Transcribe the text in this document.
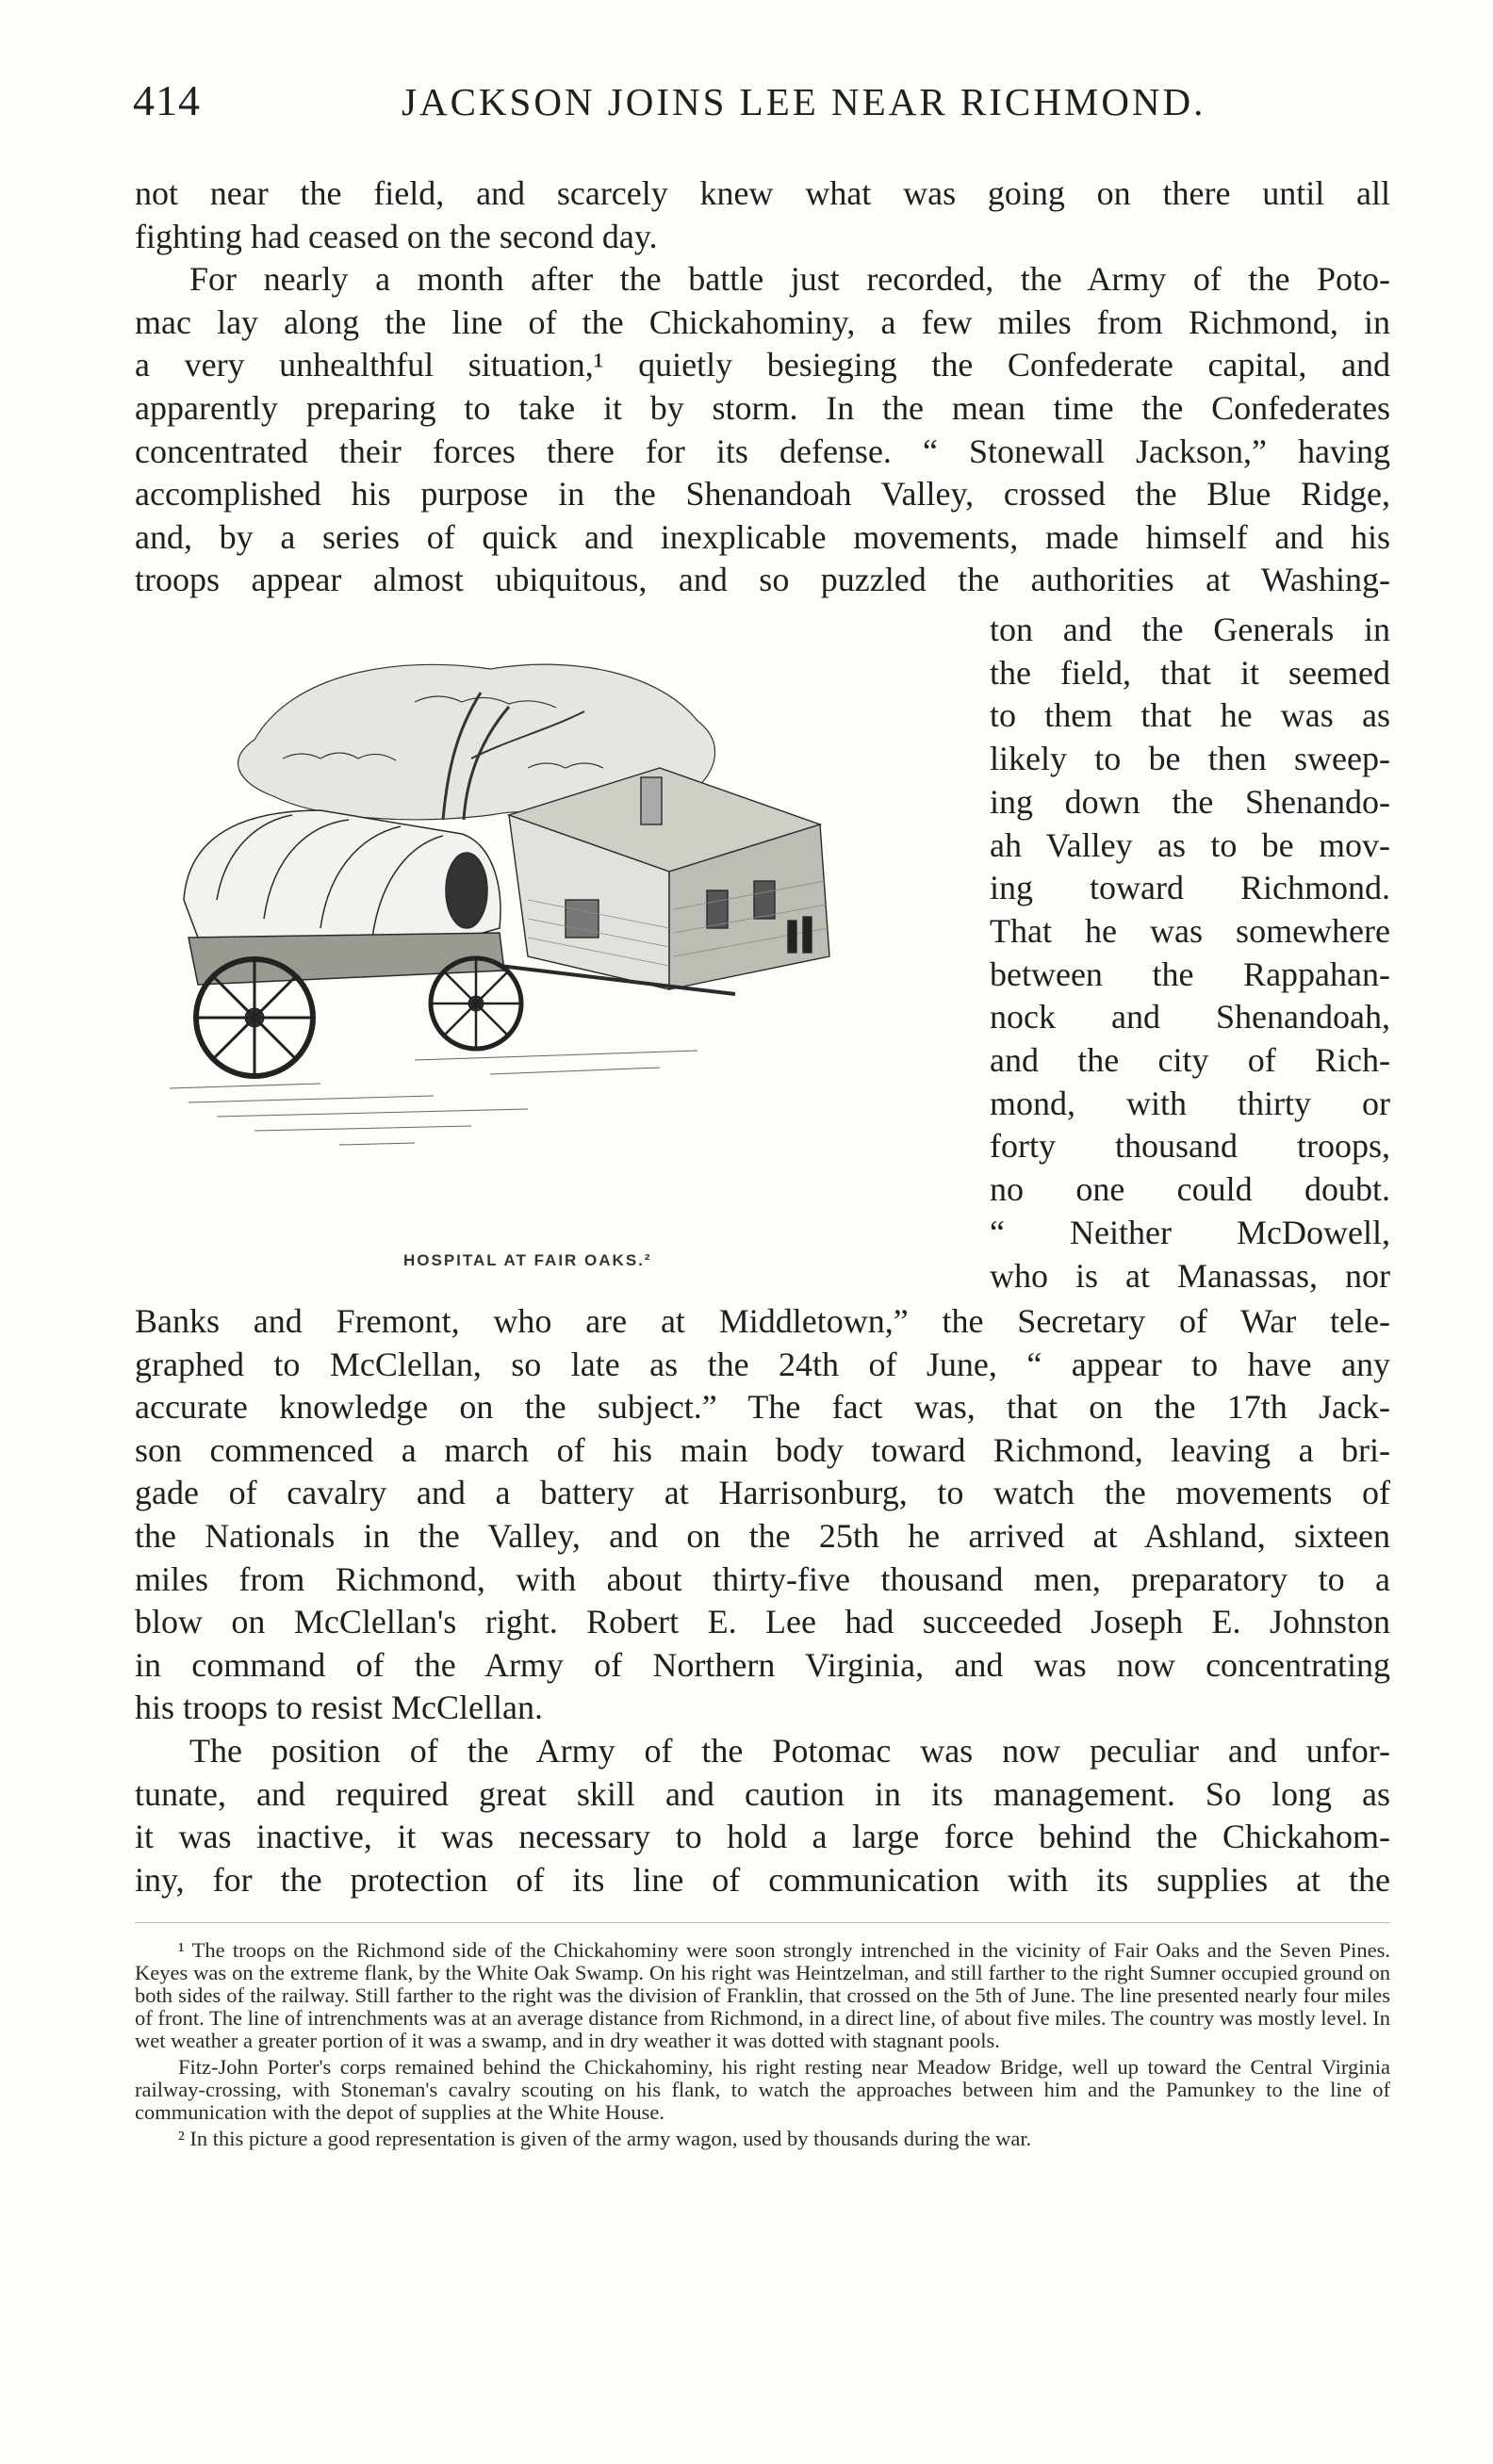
414	JACKSON JOINS LEE NEAR RICHMOND.
not near the field, and scarcely knew what was going on there until all
fighting had ceased on the second day.
For nearly a month after the battle just recorded, the Army of the Poto-
mac lay along the line of the Chickahominy, a few miles from Richmond, in
a very unhealthful situation,¹ quietly besieging the Confederate capital, and
apparently preparing to take it by storm. In the mean time the Confederates
concentrated their forces there for its defense. “ Stonewall Jackson,” having
accomplished his purpose in the Shenandoah Valley, crossed the Blue Ridge,
and, by a series of quick and inexplicable movements, made himself and his
troops appear almost ubiquitous, and so puzzled the authorities at Washing-
ton and the Generals in
the field, that it seemed
to them that he was as
likely to be then sweep-
ing down the Shenando-
ah Valley as to be mov-
ing toward Richmond.
That he was somewhere
between the Rappahan-
nock and Shenandoah,
and the city of Rich-
mond, with thirty or
forty thousand troops,
no one could doubt.
“ Neither McDowell,
who is at Manassas, nor
HOSPITAL AT FAIR OAKS.²
Banks and Fremont, who are at Middletown,” the Secretary of War tele-
graphed to McClellan, so late as the 24th of June, “ appear to have any
accurate knowledge on the subject.” The fact was, that on the 17th Jack-
son commenced a march of his main body toward Richmond, leaving a bri-
gade of cavalry and a battery at Harrisonburg, to watch the movements of
the Nationals in the Valley, and on the 25th he arrived at Ashland, sixteen
miles from Richmond, with about thirty-five thousand men, preparatory to a
blow on McClellan's right. Robert E. Lee had succeeded Joseph E. Johnston
in command of the Army of Northern Virginia, and was now concentrating
his troops to resist McClellan.
The position of the Army of the Potomac was now peculiar and unfor-
tunate, and required great skill and caution in its management. So long as
it was inactive, it was necessary to hold a large force behind the Chickahom-
iny, for the protection of its line of communication with its supplies at the

¹ The troops on the Richmond side of the Chickahominy were soon strongly intrenched in the vicinity of Fair Oaks and the Seven Pines. Keyes was on the extreme flank, by the White Oak Swamp. On his right was Heintzelman, and still farther to the right Sumner occupied ground on both sides of the railway. Still farther to the right was the division of Franklin, that crossed on the 5th of June. The line presented nearly four miles of front. The line of intrenchments was at an average distance from Richmond, in a direct line, of about five miles. The country was mostly level. In wet weather a greater portion of it was a swamp, and in dry weather it was dotted with stagnant pools.

Fitz-John Porter's corps remained behind the Chickahominy, his right resting near Meadow Bridge, well up toward the Central Virginia railway-crossing, with Stoneman's cavalry scouting on his flank, to watch the approaches between him and the Pamunkey to the line of communication with the depot of supplies at the White House.

² In this picture a good representation is given of the army wagon, used by thousands during the war.
